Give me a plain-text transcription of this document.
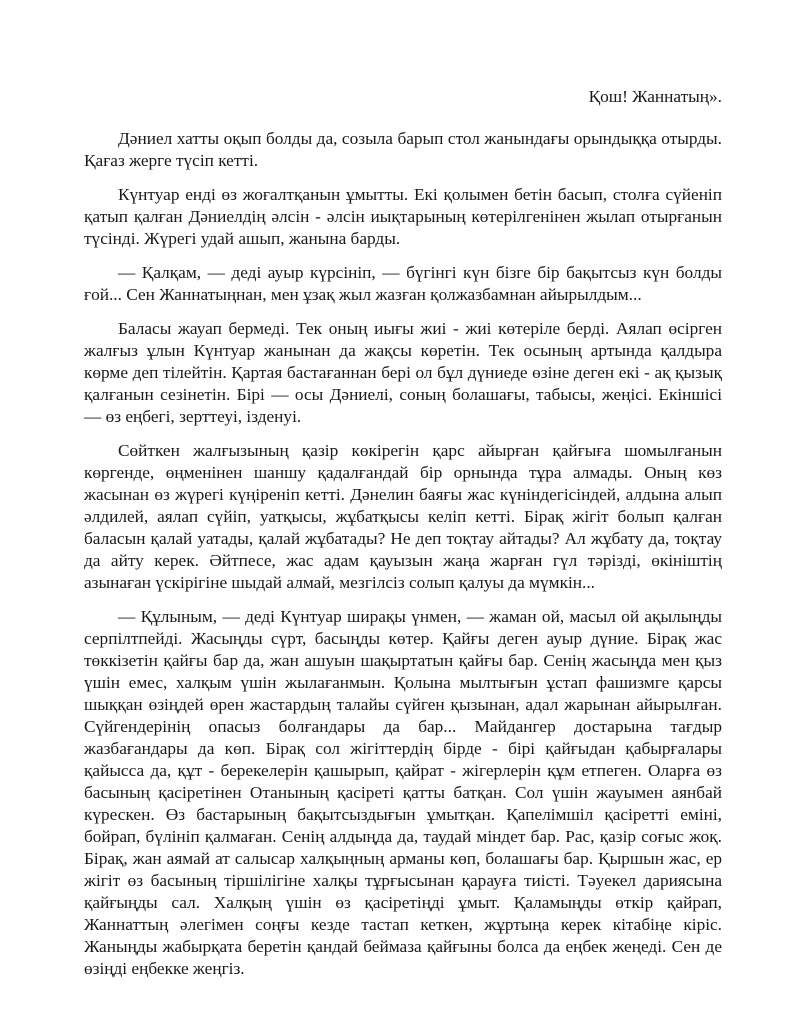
Қош! Жаннатың».

Дәниел хатты оқып болды да, созыла барып стол жанындағы орындыққа отырды. Қағаз жерге түсіп кетті.

Күнтуар енді өз жоғалтқанын ұмытты. Екі қолымен бетін басып, столға сүйеніп қатып қалған Дәниелдің әлсін - әлсін иықтарының көтерілгенінен жылап отырғанын түсінді. Жүрегі удай ашып, жанына барды.

— Қалқам, — деді ауыр күрсініп, — бүгінгі күн бізге бір бақытсыз күн болды ғой... Сен Жаннатыңнан, мен ұзақ жыл жазған қолжазбамнан айырылдым...

Баласы жауап бермеді. Тек оның иығы жиі - жиі көтеріле берді. Аялап өсірген жалғыз ұлын Күнтуар жанынан да жақсы көретін. Тек осының артында қалдыра көрме деп тілейтін. Қартая бастағаннан бері ол бұл дүниеде өзіне деген екі - ақ қызық қалғанын сезінетін. Бірі — осы Дәниелі, соның болашағы, табысы, жеңісі. Екіншісі — өз еңбегі, зерттеуі, ізденуі.

Сөйткен жалғызының қазір көкірегін қарс айырған қайғыға шомылғанын көргенде, өңменінен шаншу қадалғандай бір орнында тұра алмады. Оның көз жасынан өз жүрегі күңіреніп кетті. Дәнелин баяғы жас күніндегісіндей, алдына алып әлдилей, аялап сүйіп, уатқысы, жұбатқысы келіп кетті. Бірақ жігіт болып қалған баласын қалай уатады, қалай жұбатады? Не деп тоқтау айтады? Ал жұбату да, тоқтау да айту керек. Әйтпесе, жас адам қауызын жаңа жарған гүл тәрізді, өкініштің азынаған үскірігіне шыдай алмай, мезгілсіз солып қалуы да мүмкін...

— Құлыным, — деді Күнтуар ширақы үнмен, — жаман ой, масыл ой ақылыңды серпілтпейді. Жасыңды сүрт, басыңды көтер. Қайғы деген ауыр дүние. Бірақ жас төккізетін қайғы бар да, жан ашуын шақыртатын қайғы бар. Сенің жасыңда мен қыз үшін емес, халқым үшін жылағанмын. Қолына мылтығын ұстап фашизмге қарсы шыққан өзіңдей өрен жастардың талайы сүйген қызынан, адал жарынан айырылған. Сүйгендерінің опасыз болғандары да бар... Майдангер достарына тағдыр жазбағандары да көп. Бірақ сол жігіттердің бірде - бірі қайғыдан қабырғалары қайысса да, құт - берекелерін қашырып, қайрат - жігерлерін құм етпеген. Оларға өз басының қасіретінен Отанының қасіреті қатты батқан. Сол үшін жауымен аянбай күрескен. Өз бастарының бақытсыздығын ұмытқан. Қапелімшіл қасіретті еміні, бойрап, бүлініп қалмаған. Сенің алдыңда да, таудай міндет бар. Рас, қазір соғыс жоқ. Бірақ, жан аямай ат салысар халқыңның арманы көп, болашағы бар. Қыршын жас, ер жігіт өз басының тіршілігіне халқы тұрғысынан қарауға тиісті. Тәуекел дариясына қайғыңды сал. Халқың үшін өз қасіретіңді ұмыт. Қаламыңды өткір қайрап, Жаннаттың әлегімен соңғы кезде тастап кеткен, жұртыңа керек кітабіңе кіріс. Жаныңды жабырқата беретін қандай беймаза қайғыны болса да еңбек жеңеді. Сен де өзіңді еңбекке жеңгіз.
